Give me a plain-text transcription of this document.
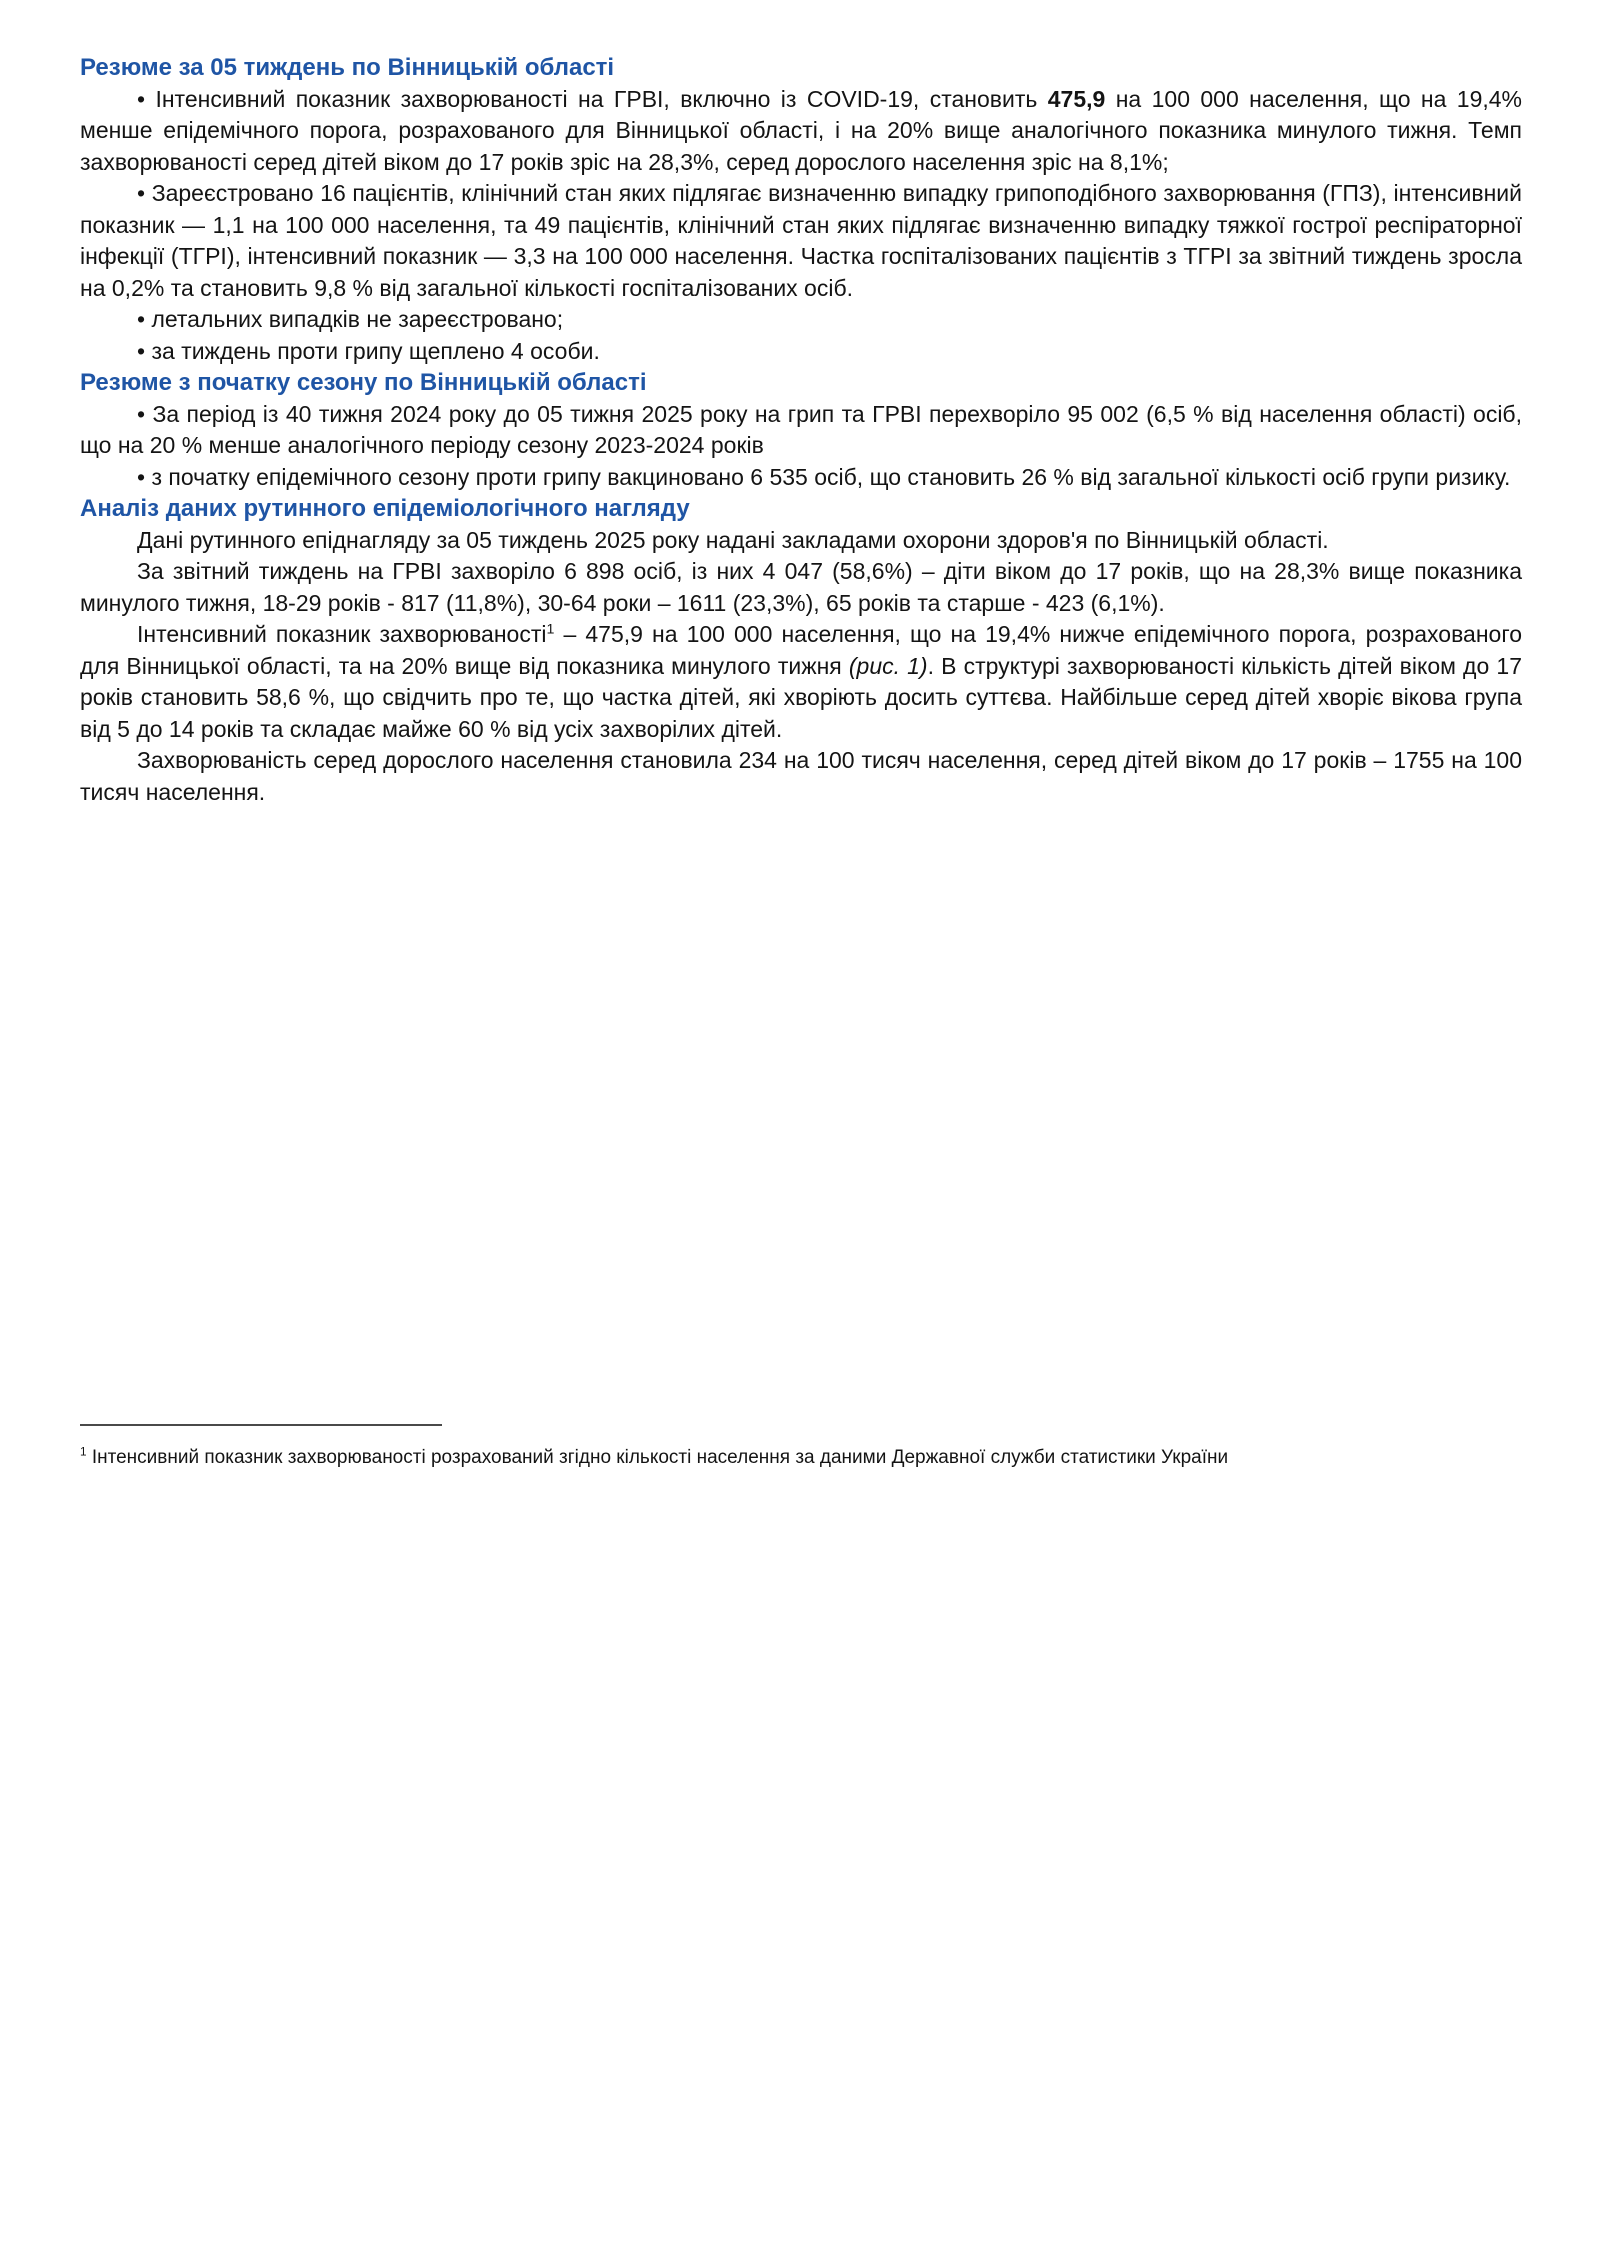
Резюме за 05 тиждень по Вінницькій області

• Інтенсивний показник захворюваності на ГРВІ, включно із COVID-19, становить 475,9 на 100 000 населення, що на 19,4% менше епідемічного порога, розрахованого для Вінницької області, і на 20% вище аналогічного показника минулого тижня. Темп захворюваності серед дітей віком до 17 років зріс на 28,3%, серед дорослого населення зріс на 8,1%;

• Зареєстровано 16 пацієнтів, клінічний стан яких підлягає визначенню випадку грипоподібного захворювання (ГПЗ), інтенсивний показник — 1,1 на 100 000 населення, та 49 пацієнтів, клінічний стан яких підлягає визначенню випадку тяжкої гострої респіраторної інфекції (ТГРІ), інтенсивний показник — 3,3 на 100 000 населення. Частка госпіталізованих пацієнтів з ТГРІ за звітний тиждень зросла на 0,2% та становить 9,8 % від загальної кількості госпіталізованих осіб.

• летальних випадків не зареєстровано;

• за тиждень проти грипу щеплено 4 особи.

Резюме з початку сезону по Вінницькій області

• За період із 40 тижня 2024 року до 05 тижня 2025 року на грип та ГРВІ перехворіло 95 002 (6,5 % від населення області) осіб, що на 20 % менше аналогічного періоду сезону 2023-2024 років

• з початку епідемічного сезону проти грипу вакциновано 6 535 осіб, що становить 26 % від загальної кількості осіб групи ризику.

Аналіз даних рутинного епідеміологічного нагляду

Дані рутинного епіднагляду за 05 тиждень 2025 року надані закладами охорони здоров'я по Вінницькій області.

За звітний тиждень на ГРВІ захворіло 6 898 осіб, із них 4 047 (58,6%) – діти віком до 17 років, що на 28,3% вище показника минулого тижня, 18-29 років - 817 (11,8%), 30-64 роки – 1611 (23,3%), 65 років та старше - 423 (6,1%).

Інтенсивний показник захворюваності$^1$ – 475,9 на 100 000 населення, що на 19,4% нижче епідемічного порога, розрахованого для Вінницької області, та на 20% вище від показника минулого тижня (рис. 1). В структурі захворюваності кількість дітей віком до 17 років становить 58,6 %, що свідчить про те, що частка дітей, які хворіють досить суттєва. Найбільше серед дітей хворіє вікова група від 5 до 14 років та складає майже 60 % від усіх захворілих дітей.

Захворюваність серед дорослого населення становила 234 на 100 тисяч населення, серед дітей віком до 17 років – 1755 на 100 тисяч населення.

$^1$ Інтенсивний показник захворюваності розрахований згідно кількості населення за даними Державної служби статистики України
